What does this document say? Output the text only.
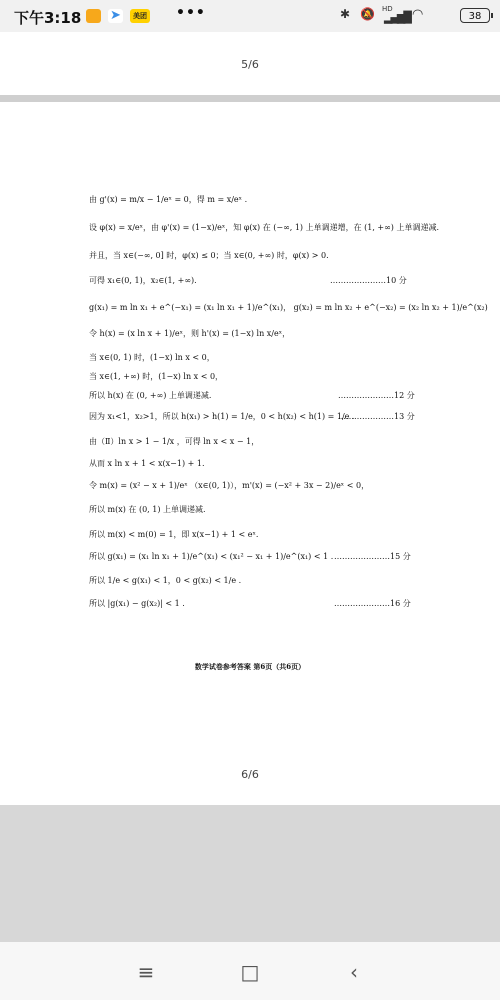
下午3:18 ➤	美团 •••	✱ 🔕 HD
▂▄▆█ ◠	38
5/6
由 g'(x) = m/x − 1/eˣ = 0，得 m = x/eˣ .
设 φ(x) = x/eˣ，由 φ'(x) = (1−x)/eˣ，知 φ(x) 在 (−∞, 1) 上单调递增，在 (1, +∞) 上单调递减.
并且，当 x∈(−∞, 0] 时，φ(x) ≤ 0；当 x∈(0, +∞) 时，φ(x) > 0.
可得 x₁∈(0, 1)，x₂∈(1, +∞).	…………………10 分
g(x₁) = m ln x₁ + e^(−x₁) = (x₁ ln x₁ + 1)/e^(x₁)， g(x₂) = m ln x₂ + e^(−x₂) = (x₂ ln x₂ + 1)/e^(x₂)
令 h(x) = (x ln x + 1)/eˣ，则 h'(x) = (1−x) ln x/eˣ，
当 x∈(0, 1) 时，(1−x) ln x < 0，
当 x∈(1, +∞) 时，(1−x) ln x < 0，
所以 h(x) 在 (0, +∞) 上单调递减.	…………………12 分
因为 x₁<1，x₂>1，所以 h(x₁) > h(1) = 1/e，0 < h(x₂) < h(1) = 1/e .
…………………13 分
由（Ⅱ）ln x > 1 − 1/x ，可得 ln x < x − 1，
从而 x ln x + 1 < x(x−1) + 1.
令 m(x) = (x² − x + 1)/eˣ （x∈(0, 1)），m'(x) = (−x² + 3x − 2)/eˣ < 0，
所以 m(x) 在 (0, 1) 上单调递减.
所以 m(x) < m(0) = 1，即 x(x−1) + 1 < eˣ.
所以 g(x₁) = (x₁ ln x₁ + 1)/e^(x₁) < (x₁² − x₁ + 1)/e^(x₁) < 1 . …………………15 分
所以 1/e < g(x₁) < 1，0 < g(x₂) < 1/e .
所以 |g(x₁) − g(x₂)| < 1 .	…………………16 分
数学试卷参考答案 第6页（共6页）
6/6
≡	□	‹
